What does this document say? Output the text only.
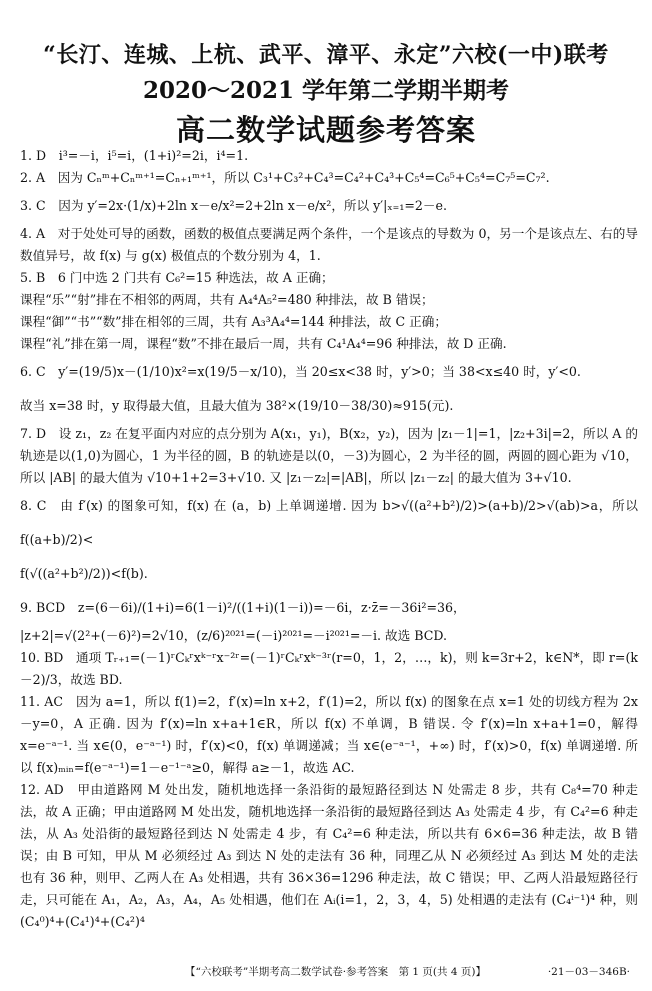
“长汀、连城、上杭、武平、漳平、永定”六校(一中)联考
2020～2021 学年第二学期半期考
高二数学试题参考答案

1. D　i³=－i，i⁵=i，(1+i)²=2i，i⁴=1.

2. A　因为 Cₙᵐ+Cₙᵐ⁺¹=Cₙ₊₁ᵐ⁺¹，所以 C₃¹+C₃²+C₄³=C₄²+C₄³+C₅⁴=C₆⁵+C₅⁴=C₇⁵=C₇².

3. C　因为 y′=2x·(1/x)+2ln x－e/x²=2+2ln x－e/x²，所以 y′|ₓ₌₁=2－e.

4. A　对于处处可导的函数，函数的极值点要满足两个条件，一个是该点的导数为 0，另一个是该点左、右的导数值异号，故 f(x) 与 g(x) 极值点的个数分别为 4，1.

5. B　6 门中选 2 门共有 C₆²=15 种选法，故 A 正确；

课程“乐”“射”排在不相邻的两周，共有 A₄⁴A₅²=480 种排法，故 B 错误；

课程“御”“书”“数”排在相邻的三周，共有 A₃³A₄⁴=144 种排法，故 C 正确；

课程“礼”排在第一周，课程“数”不排在最后一周，共有 C₄¹A₄⁴=96 种排法，故 D 正确.

6. C　y′=(19/5)x－(1/10)x²=x(19/5－x/10)，当 20≤x<38 时，y′>0；当 38<x≤40 时，y′<0.

故当 x=38 时，y 取得最大值，且最大值为 38²×(19/10－38/30)≈915(元).

7. D　设 z₁，z₂ 在复平面内对应的点分别为 A(x₁，y₁)，B(x₂，y₂)，因为 |z₁－1|=1，|z₂+3i|=2，所以 A 的轨迹是以(1,0)为圆心，1 为半径的圆，B 的轨迹是以(0，－3)为圆心，2 为半径的圆，两圆的圆心距为 √10，所以 |AB| 的最大值为 √10+1+2=3+√10. 又 |z₁－z₂|=|AB|，所以 |z₁－z₂| 的最大值为 3+√10.

8. C　由 f′(x) 的图象可知，f(x) 在 (a，b) 上单调递增. 因为 b>√((a²+b²)/2)>(a+b)/2>√(ab)>a，所以 f((a+b)/2)<

f(√((a²+b²)/2))<f(b).

9. BCD　z=(6－6i)/(1+i)=6(1－i)²/((1+i)(1－i))=－6i，z·z̄=－36i²=36，

|z+2|=√(2²+(－6)²)=2√10，(z/6)²⁰²¹=(－i)²⁰²¹=－i²⁰²¹=－i. 故选 BCD.

10. BD　通项 Tᵣ₊₁=(－1)ʳCₖʳxᵏ⁻ʳx⁻²ʳ=(－1)ʳCₖʳxᵏ⁻³ʳ(r=0，1，2，…，k)，则 k=3r+2，k∈N*，即 r=(k－2)/3，故选 BD.

11. AC　因为 a=1，所以 f(1)=2，f′(x)=ln x+2，f′(1)=2，所以 f(x) 的图象在点 x=1 处的切线方程为 2x－y=0，A 正确. 因为 f′(x)=ln x+a+1∈R，所以 f(x) 不单调，B 错误. 令 f′(x)=ln x+a+1=0，解得 x=e⁻ᵃ⁻¹. 当 x∈(0，e⁻ᵃ⁻¹) 时，f′(x)<0，f(x) 单调递减；当 x∈(e⁻ᵃ⁻¹，+∞) 时，f′(x)>0，f(x) 单调递增. 所以 f(x)ₘᵢₙ=f(e⁻ᵃ⁻¹)=1－e⁻¹⁻ᵃ≥0，解得 a≥－1，故选 AC.

12. AD　甲由道路网 M 处出发，随机地选择一条沿街的最短路径到达 N 处需走 8 步，共有 C₈⁴=70 种走法，故 A 正确；甲由道路网 M 处出发，随机地选择一条沿街的最短路径到达 A₃ 处需走 4 步，有 C₄²=6 种走法，从 A₃ 处沿街的最短路径到达 N 处需走 4 步，有 C₄²=6 种走法，所以共有 6×6=36 种走法，故 B 错误；由 B 可知，甲从 M 必须经过 A₃ 到达 N 处的走法有 36 种，同理乙从 N 必须经过 A₃ 到达 M 处的走法也有 36 种，则甲、乙两人在 A₃ 处相遇，共有 36×36=1296 种走法，故 C 错误；甲、乙两人沿最短路径行走，只可能在 A₁，A₂，A₃，A₄，A₅ 处相遇，他们在 Aᵢ(i=1，2，3，4，5) 处相遇的走法有 (C₄ⁱ⁻¹)⁴ 种，则(C₄⁰)⁴+(C₄¹)⁴+(C₄²)⁴

【“六校联考”半期考高二数学试卷·参考答案　第 1 页(共 4 页)】	·21－03－346B·
